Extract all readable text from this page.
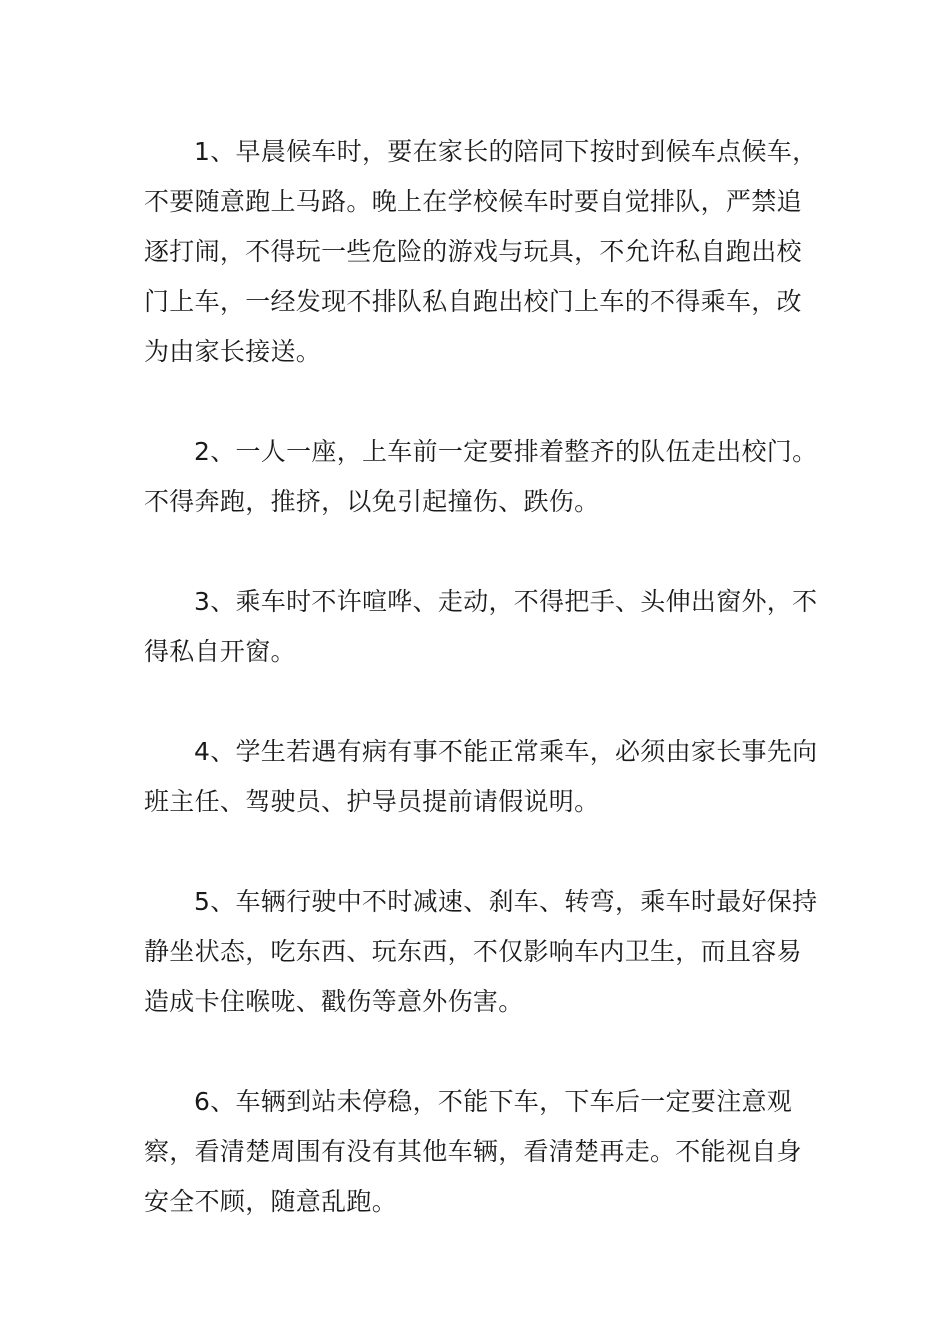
1、早晨候车时，要在家长的陪同下按时到候车点候车，不要随意跑上马路。晚上在学校候车时要自觉排队，严禁追逐打闹，不得玩一些危险的游戏与玩具，不允许私自跑出校门上车，一经发现不排队私自跑出校门上车的不得乘车，改为由家长接送。

2、一人一座，上车前一定要排着整齐的队伍走出校门。不得奔跑，推挤，以免引起撞伤、跌伤。

3、乘车时不许喧哗、走动，不得把手、头伸出窗外，不得私自开窗。

4、学生若遇有病有事不能正常乘车，必须由家长事先向班主任、驾驶员、护导员提前请假说明。

5、车辆行驶中不时减速、刹车、转弯，乘车时最好保持静坐状态，吃东西、玩东西，不仅影响车内卫生，而且容易造成卡住喉咙、戳伤等意外伤害。

6、车辆到站未停稳，不能下车，下车后一定要注意观察，看清楚周围有没有其他车辆，看清楚再走。不能视自身安全不顾，随意乱跑。
